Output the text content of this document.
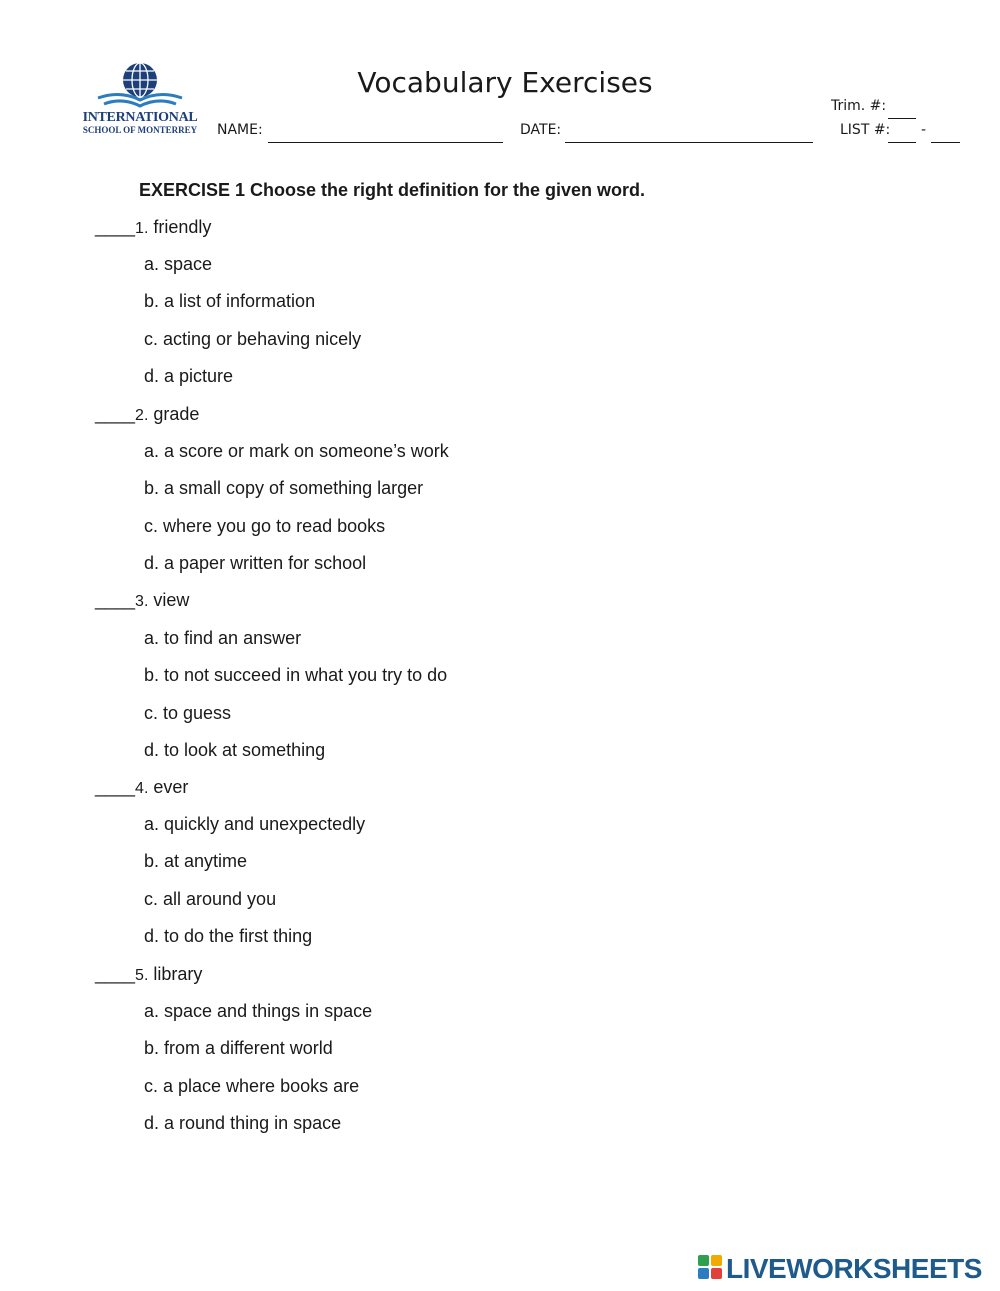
INTERNATIONAL
SCHOOL OF MONTERREY
Vocabulary Exercises
Trim. #:
NAME:	DATE:	LIST #: -
EXERCISE 1 Choose the right definition for the given word.
____1. friendly
a. space
b. a list of information
c. acting or behaving nicely
d. a picture
____2. grade
a. a score or mark on someone’s work
b. a small copy of something larger
c. where you go to read books
d. a paper written for school
____3. view
a. to find an answer
b. to not succeed in what you try to do
c. to guess
d. to look at something
____4. ever
a. quickly and unexpectedly
b. at anytime
c. all around you
d. to do the first thing
____5. library
a. space and things in space
b. from a different world
c. a place where books are
d. a round thing in space
LIVEWORKSHEETS
